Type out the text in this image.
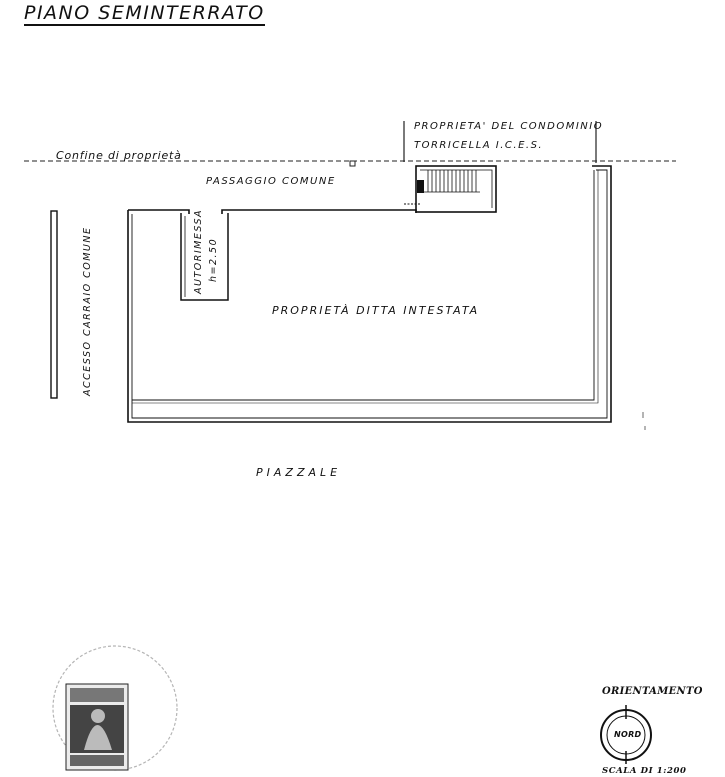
PIANO SEMINTERRATO
Confine di proprietà
PASSAGGIO COMUNE
PROPRIETA' DEL CONDOMINIO
TORRICELLA I.C.E.S.
ACCESSO CARRAIO COMUNE	AUTORIMESSA h=2.50
PROPRIETÀ DITTA INTESTATA
PIAZZALE
ORIENTAMENTO
NORD
SCALA DI 1:200
